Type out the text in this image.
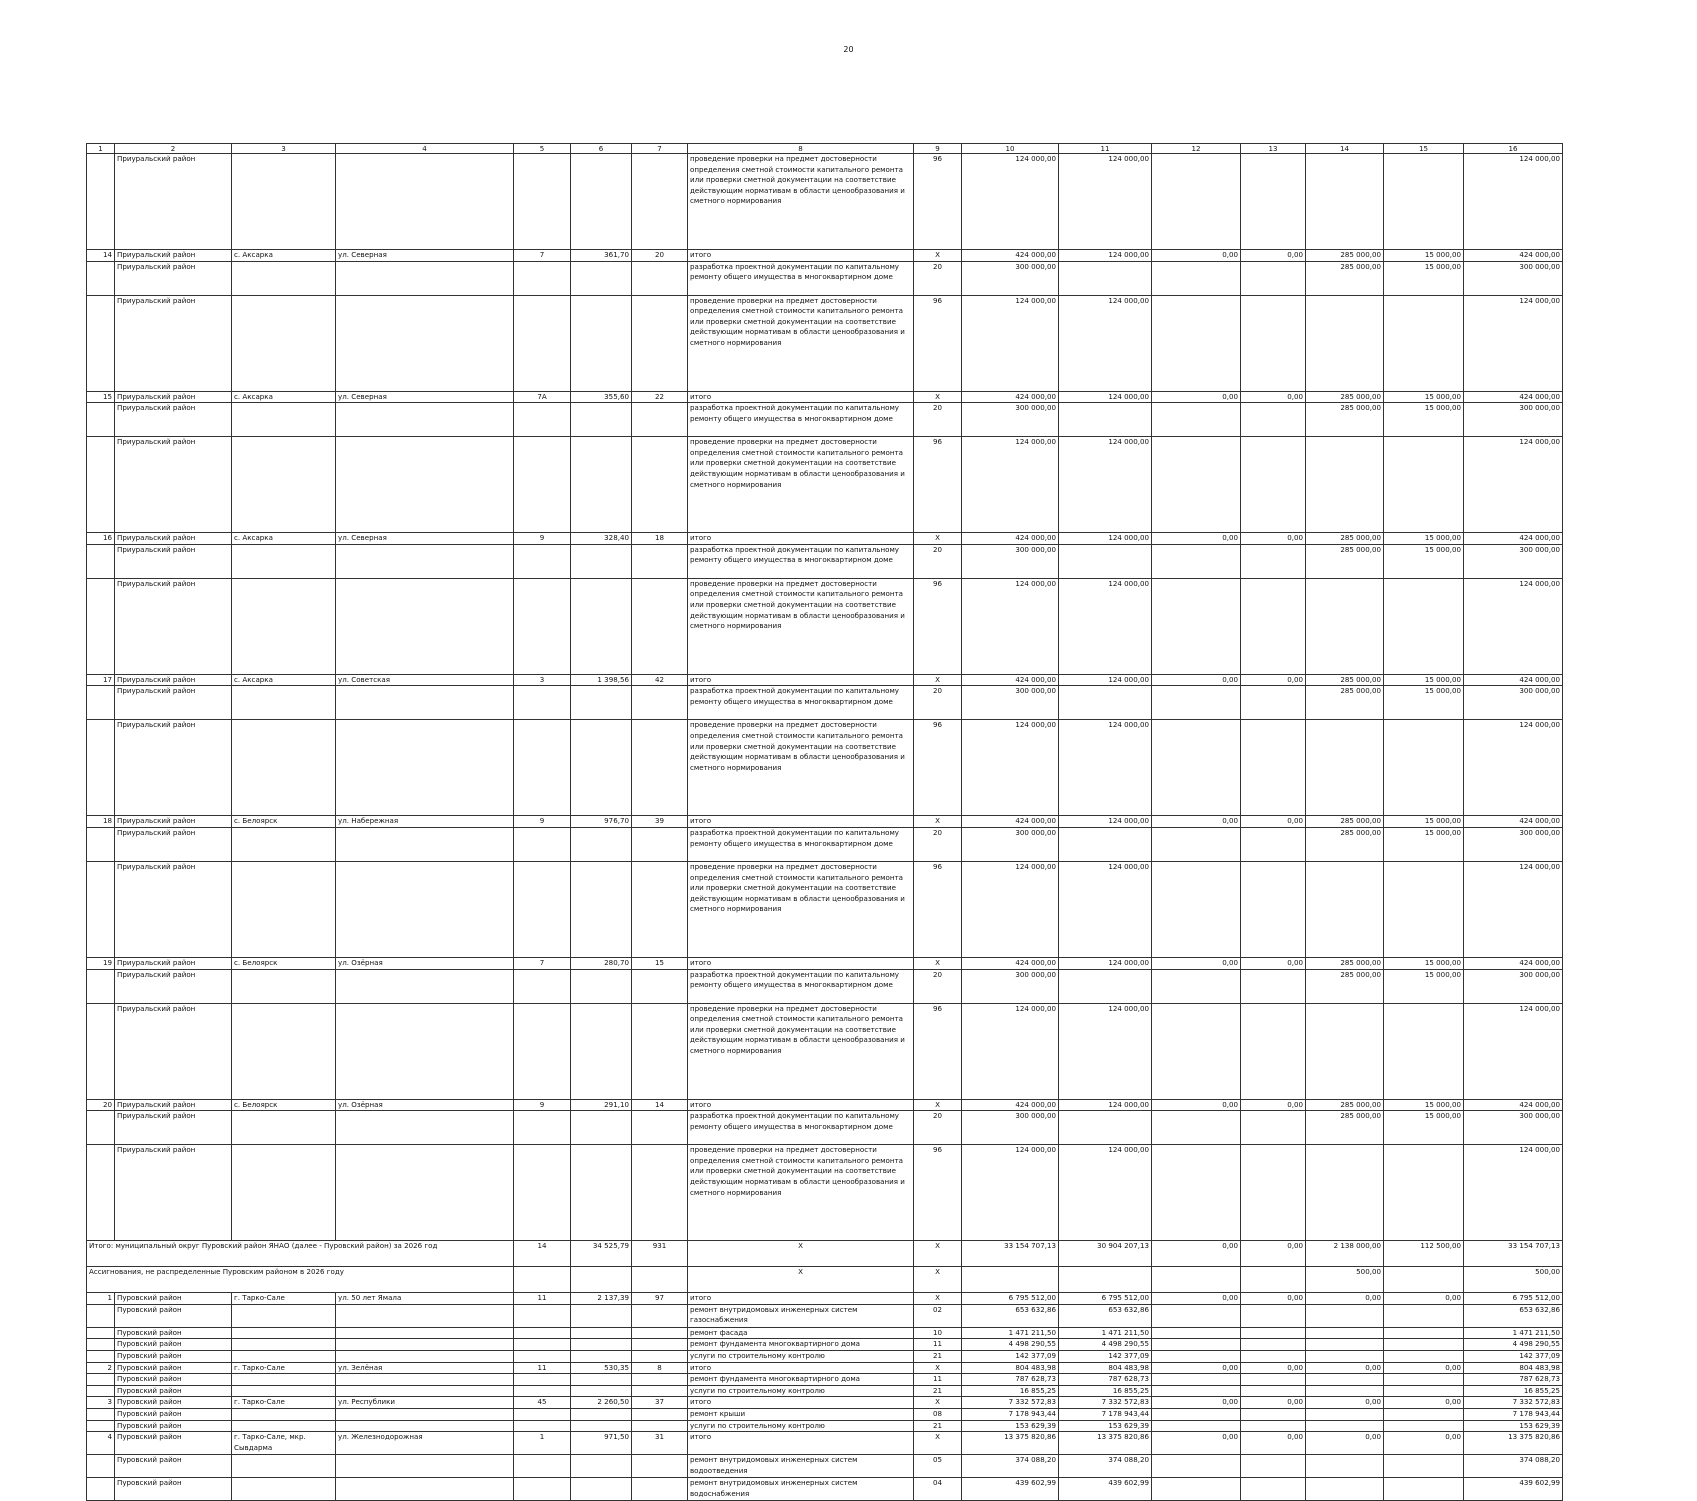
20
1	2	3	4	5	6	7	8	9	10	11	12	13	14	15	16
	Приуральский район						проведение проверки на предмет достоверности определения сметной стоимости капитального ремонта или проверки сметной документации на соответствие действующим нормативам в области ценообразования и сметного нормирования	96	124 000,00	124 000,00					124 000,00
14	Приуральский район	с. Аксарка	ул. Северная	7	361,70	20	итого	X	424 000,00	124 000,00	0,00	0,00	285 000,00	15 000,00	424 000,00
	Приуральский район						разработка проектной документации по капитальному ремонту общего имущества в многоквартирном доме	20	300 000,00				285 000,00	15 000,00	300 000,00
	Приуральский район						проведение проверки на предмет достоверности определения сметной стоимости капитального ремонта или проверки сметной документации на соответствие действующим нормативам в области ценообразования и сметного нормирования	96	124 000,00	124 000,00					124 000,00
15	Приуральский район	с. Аксарка	ул. Северная	7А	355,60	22	итого	X	424 000,00	124 000,00	0,00	0,00	285 000,00	15 000,00	424 000,00
	Приуральский район						разработка проектной документации по капитальному ремонту общего имущества в многоквартирном доме	20	300 000,00				285 000,00	15 000,00	300 000,00
	Приуральский район						проведение проверки на предмет достоверности определения сметной стоимости капитального ремонта или проверки сметной документации на соответствие действующим нормативам в области ценообразования и сметного нормирования	96	124 000,00	124 000,00					124 000,00
16	Приуральский район	с. Аксарка	ул. Северная	9	328,40	18	итого	X	424 000,00	124 000,00	0,00	0,00	285 000,00	15 000,00	424 000,00
	Приуральский район						разработка проектной документации по капитальному ремонту общего имущества в многоквартирном доме	20	300 000,00				285 000,00	15 000,00	300 000,00
	Приуральский район						проведение проверки на предмет достоверности определения сметной стоимости капитального ремонта или проверки сметной документации на соответствие действующим нормативам в области ценообразования и сметного нормирования	96	124 000,00	124 000,00					124 000,00
17	Приуральский район	с. Аксарка	ул. Советская	3	1 398,56	42	итого	X	424 000,00	124 000,00	0,00	0,00	285 000,00	15 000,00	424 000,00
	Приуральский район						разработка проектной документации по капитальному ремонту общего имущества в многоквартирном доме	20	300 000,00				285 000,00	15 000,00	300 000,00
	Приуральский район						проведение проверки на предмет достоверности определения сметной стоимости капитального ремонта или проверки сметной документации на соответствие действующим нормативам в области ценообразования и сметного нормирования	96	124 000,00	124 000,00					124 000,00
18	Приуральский район	с. Белоярск	ул. Набережная	9	976,70	39	итого	X	424 000,00	124 000,00	0,00	0,00	285 000,00	15 000,00	424 000,00
	Приуральский район						разработка проектной документации по капитальному ремонту общего имущества в многоквартирном доме	20	300 000,00				285 000,00	15 000,00	300 000,00
	Приуральский район						проведение проверки на предмет достоверности определения сметной стоимости капитального ремонта или проверки сметной документации на соответствие действующим нормативам в области ценообразования и сметного нормирования	96	124 000,00	124 000,00					124 000,00
19	Приуральский район	с. Белоярск	ул. Озёрная	7	280,70	15	итого	X	424 000,00	124 000,00	0,00	0,00	285 000,00	15 000,00	424 000,00
	Приуральский район						разработка проектной документации по капитальному ремонту общего имущества в многоквартирном доме	20	300 000,00				285 000,00	15 000,00	300 000,00
	Приуральский район						проведение проверки на предмет достоверности определения сметной стоимости капитального ремонта или проверки сметной документации на соответствие действующим нормативам в области ценообразования и сметного нормирования	96	124 000,00	124 000,00					124 000,00
20	Приуральский район	с. Белоярск	ул. Озёрная	9	291,10	14	итого	X	424 000,00	124 000,00	0,00	0,00	285 000,00	15 000,00	424 000,00
	Приуральский район						разработка проектной документации по капитальному ремонту общего имущества в многоквартирном доме	20	300 000,00				285 000,00	15 000,00	300 000,00
	Приуральский район						проведение проверки на предмет достоверности определения сметной стоимости капитального ремонта или проверки сметной документации на соответствие действующим нормативам в области ценообразования и сметного нормирования	96	124 000,00	124 000,00					124 000,00
Итого: муниципальный округ Пуровский район ЯНАО (далее - Пуровский район) за 2026 год				14	34 525,79	931	X	X	33 154 707,13	30 904 207,13	0,00	0,00	2 138 000,00	112 500,00	33 154 707,13
Ассигнования, не распределенные Пуровским районом в 2026 году							X	X					500,00		500,00
1	Пуровский район	г. Тарко-Сале	ул. 50 лет Ямала	11	2 137,39	97	итого	X	6 795 512,00	6 795 512,00	0,00	0,00	0,00	0,00	6 795 512,00
	Пуровский район						ремонт внутридомовых инженерных систем газоснабжения	02	653 632,86	653 632,86					653 632,86
	Пуровский район						ремонт фасада	10	1 471 211,50	1 471 211,50					1 471 211,50
	Пуровский район						ремонт фундамента многоквартирного дома	11	4 498 290,55	4 498 290,55					4 498 290,55
	Пуровский район						услуги по строительному контролю	21	142 377,09	142 377,09					142 377,09
2	Пуровский район	г. Тарко-Сале	ул. Зелёная	11	530,35	8	итого	X	804 483,98	804 483,98	0,00	0,00	0,00	0,00	804 483,98
	Пуровский район						ремонт фундамента многоквартирного дома	11	787 628,73	787 628,73					787 628,73
	Пуровский район						услуги по строительному контролю	21	16 855,25	16 855,25					16 855,25
3	Пуровский район	г. Тарко-Сале	ул. Республики	45	2 260,50	37	итого	X	7 332 572,83	7 332 572,83	0,00	0,00	0,00	0,00	7 332 572,83
	Пуровский район						ремонт крыши	08	7 178 943,44	7 178 943,44					7 178 943,44
	Пуровский район						услуги по строительному контролю	21	153 629,39	153 629,39					153 629,39
4	Пуровский район	г. Тарко-Сале, мкр. Сывдарма	ул. Железнодорожная	1	971,50	31	итого	X	13 375 820,86	13 375 820,86	0,00	0,00	0,00	0,00	13 375 820,86
	Пуровский район						ремонт внутридомовых инженерных систем водоотведения	05	374 088,20	374 088,20					374 088,20
	Пуровский район						ремонт внутридомовых инженерных систем водоснабжения	04	439 602,99	439 602,99					439 602,99
